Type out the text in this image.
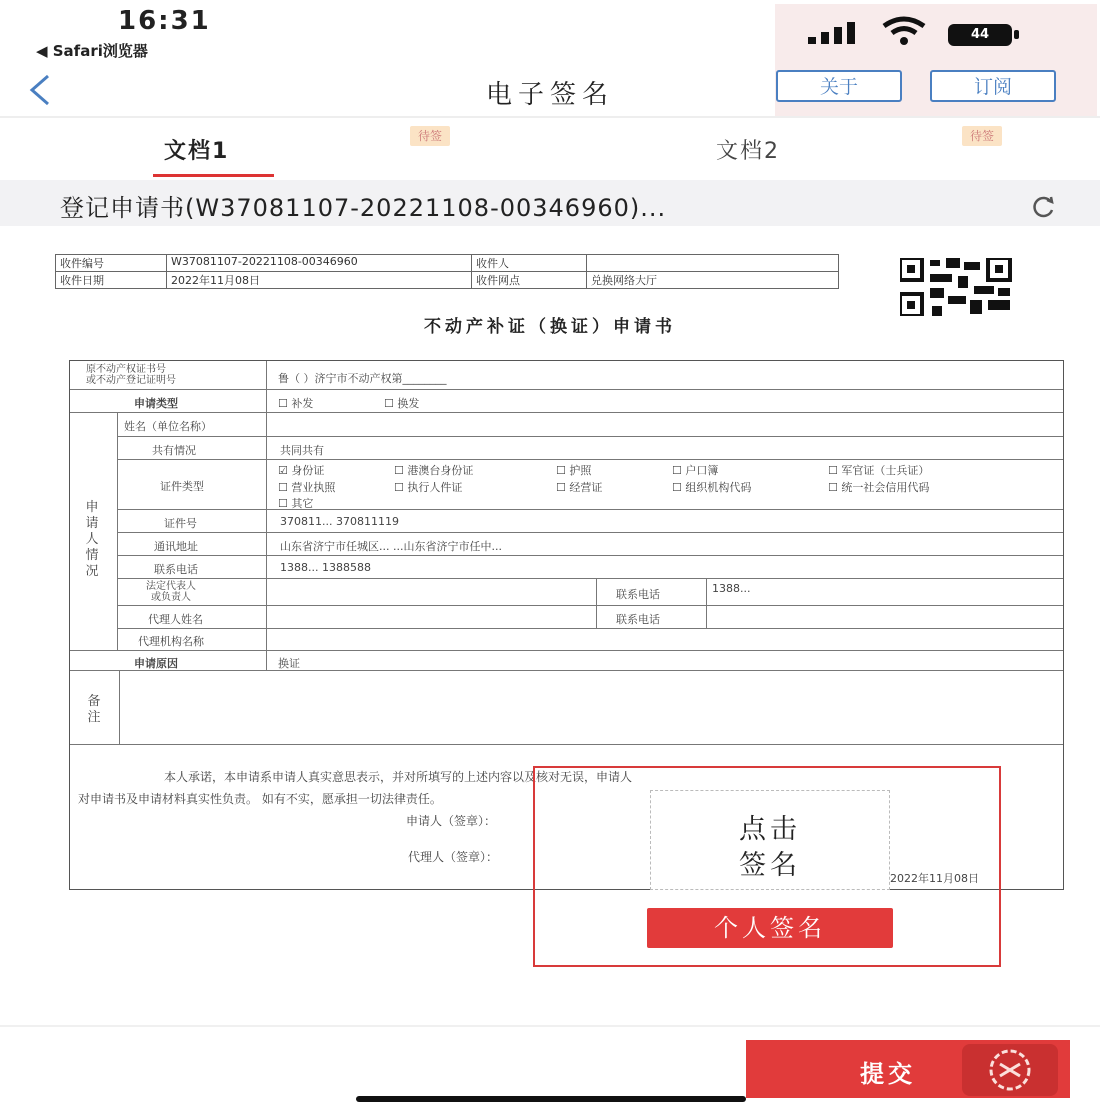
16:31
◀ Safari浏览器
44
电子签名	关于	订阅
文档1
待签
文档2
待签
登记申请书(W37081107-20221108-00346960)...
收件编号	W37081107-20221108-00346960	收件人
收件日期	2022年11月08日	收件网点	兑换网络大厅
不动产补证（换证）申请书
原不动产权证书号
或不动产登记证明号	鲁（ ）济宁市不动产权第________
申请类型	☐ 补发	☐ 换发
申请人情况
姓名（单位名称）
共有情况	共同共有
证件类型
☑ 身份证	☐ 港澳台身份证	☐ 护照	☐ 户口簿	☐ 军官证（士兵证）
☐ 营业执照	☐ 执行人件证	☐ 经营证	☐ 组织机构代码	☐ 统一社会信用代码
☐ 其它
证件号	370811... 370811119
通讯地址	山东省济宁市任城区... ...山东省济宁市任中...
联系电话	1388... 1388588
法定代表人
或负责人	联系电话	1388...
代理人姓名	联系电话
代理机构名称
申请原因	换证
备注
本人承诺，本申请系申请人真实意思表示，并对所填写的上述内容以及核对无误，申请人
对申请书及申请材料真实性负责。 如有不实，愿承担一切法律责任。
申请人（签章）：
代理人（签章）：
2022年11月08日
点击
签名
个人签名
提交
